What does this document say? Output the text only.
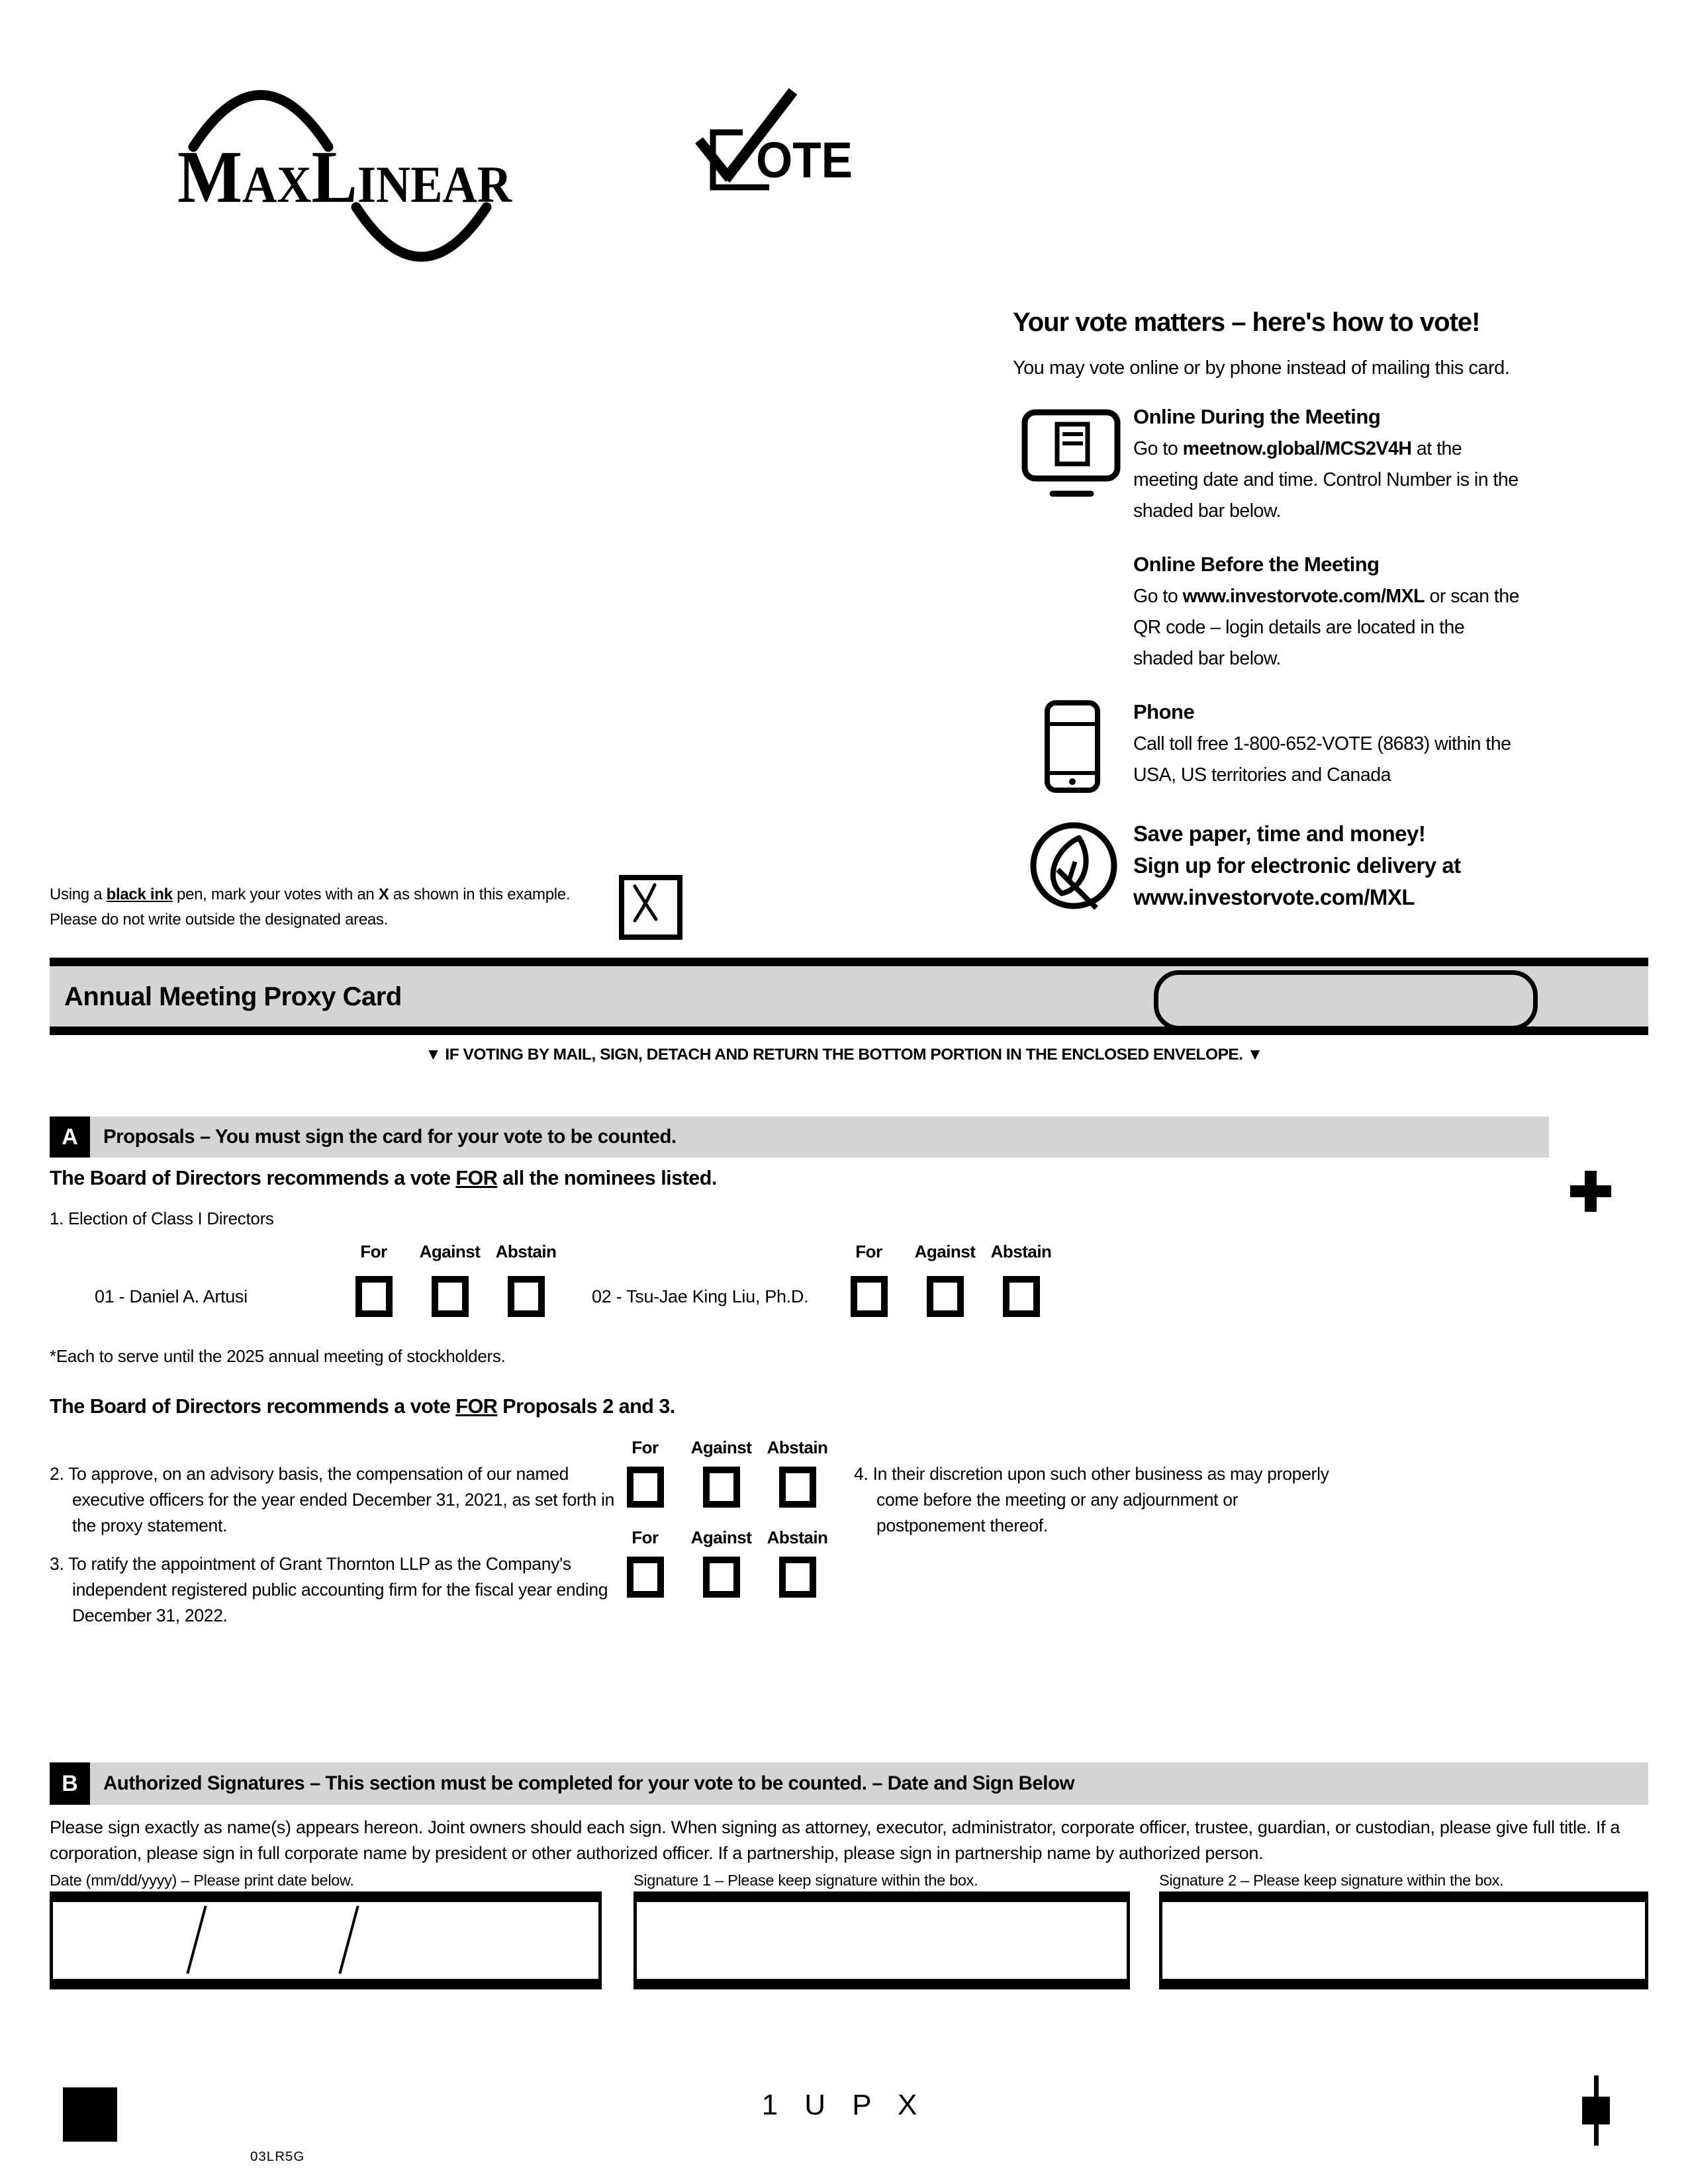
MaxLinear	OTE
Your vote matters – here's how to vote!
You may vote online or by phone instead of mailing this card.
Online During the Meeting
Go to meetnow.global/MCS2V4H at the meeting date and time. Control Number is in the shaded bar below.
Online Before the Meeting
Go to www.investorvote.com/MXL or scan the QR code – login details are located in the shaded bar below.
Phone
Call toll free 1-800-652-VOTE (8683) within the USA, US territories and Canada
Save paper, time and money!
Sign up for electronic delivery at
www.investorvote.com/MXL
Using a black ink pen, mark your votes with an X as shown in this example.
Please do not write outside the designated areas.
Annual Meeting Proxy Card
▼ IF VOTING BY MAIL, SIGN, DETACH AND RETURN THE BOTTOM PORTION IN THE ENCLOSED ENVELOPE. ▼
A	Proposals – You must sign the card for your vote to be counted.
The Board of Directors recommends a vote FOR all the nominees listed.
1. Election of Class I Directors
For	Against Abstain	For	Against Abstain
01 - Daniel A. Artusi	02 - Tsu-Jae King Liu, Ph.D.
*Each to serve until the 2025 annual meeting of stockholders.
The Board of Directors recommends a vote FOR Proposals 2 and 3.
For	Against Abstain
2. To approve, on an advisory basis, the compensation of our named executive officers for the year ended December 31, 2021, as set forth in the proxy statement.
4. In their discretion upon such other business as may properly come before the meeting or any adjournment or postponement thereof.
For	Against Abstain
3. To ratify the appointment of Grant Thornton LLP as the Company's independent registered public accounting firm for the fiscal year ending December 31, 2022.
B	Authorized Signatures – This section must be completed for your vote to be counted. – Date and Sign Below
Please sign exactly as name(s) appears hereon. Joint owners should each sign. When signing as attorney, executor, administrator, corporate officer, trustee, guardian, or custodian, please give full title. If a corporation, please sign in full corporate name by president or other authorized officer. If a partnership, please sign in partnership name by authorized person.
Date (mm/dd/yyyy) – Please print date below.	Signature 1 – Please keep signature within the box.	Signature 2 – Please keep signature within the box.
1 U P X
03LR5G
